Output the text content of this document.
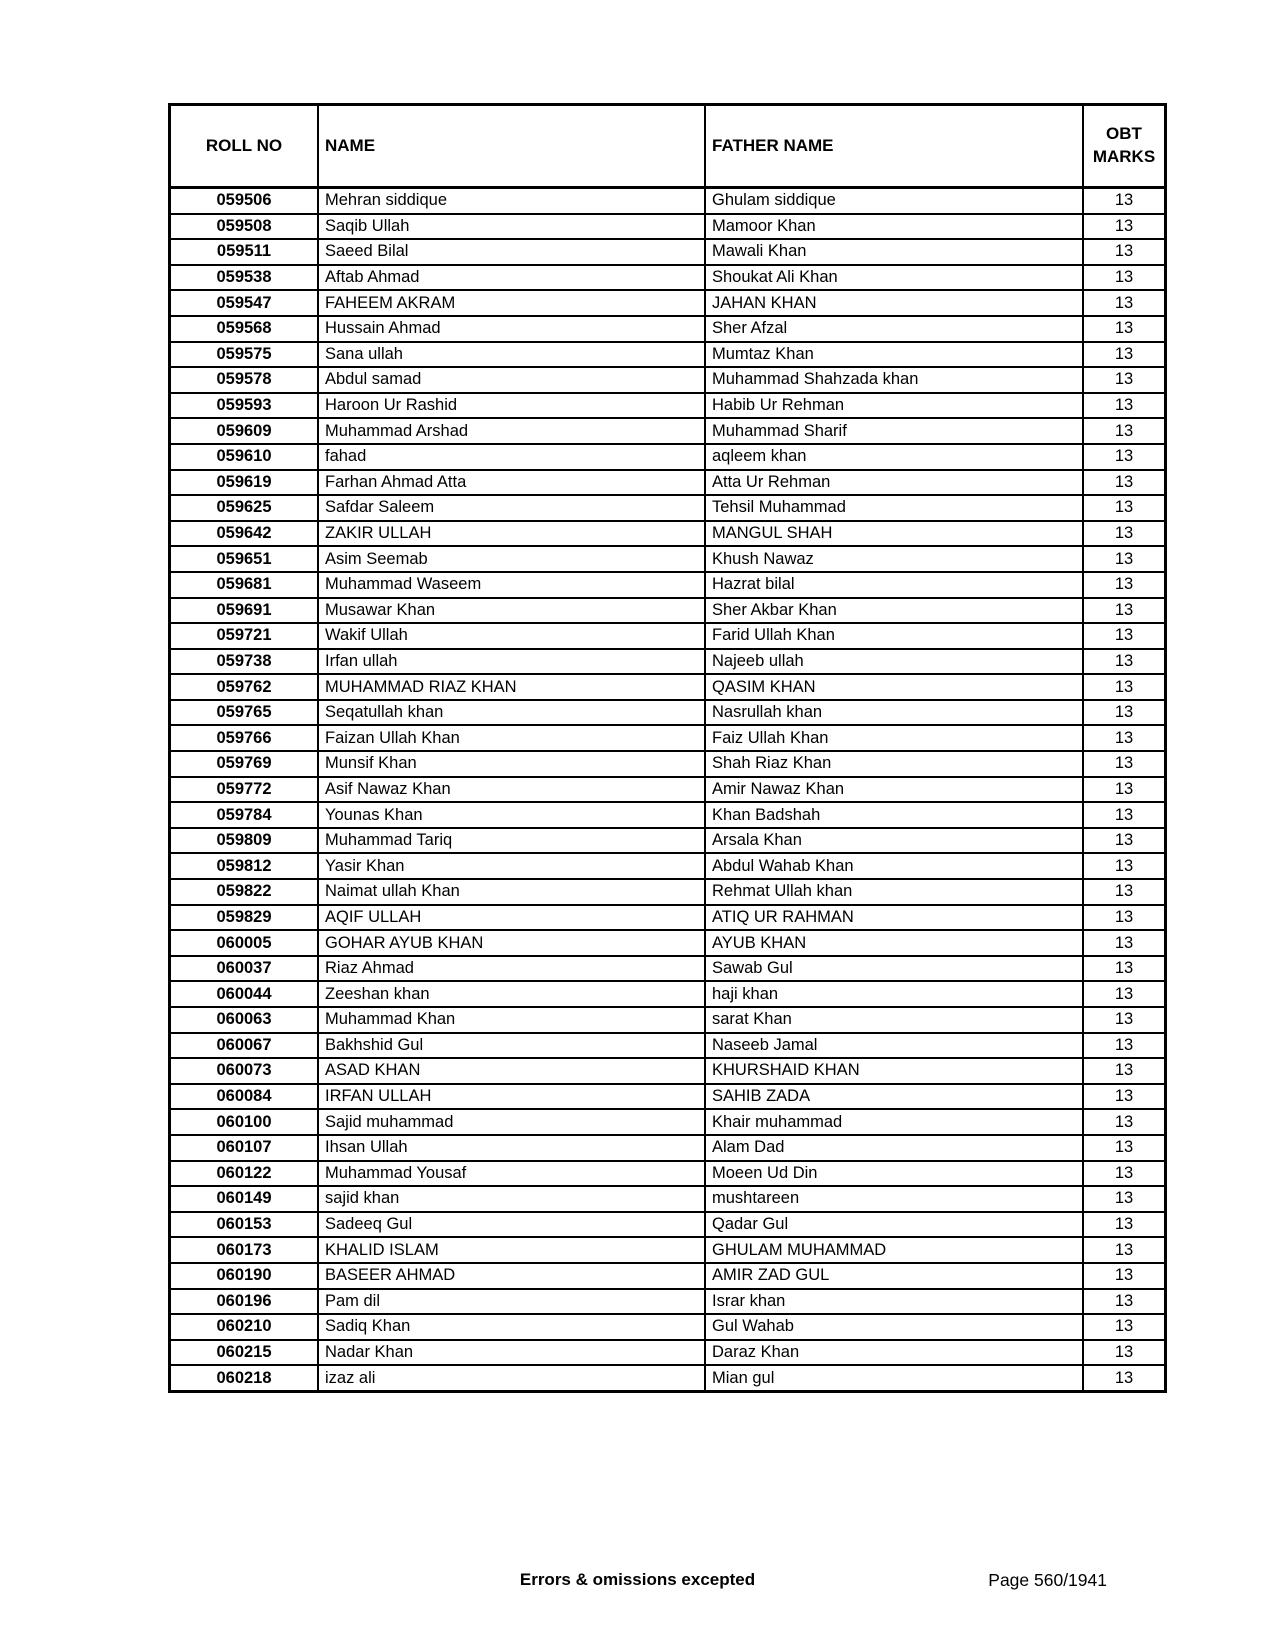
ROLL NO	NAME	FATHER NAME	OBT MARKS
059506	Mehran siddique	Ghulam siddique	13
059508	Saqib Ullah	Mamoor Khan	13
059511	Saeed Bilal	Mawali Khan	13
059538	Aftab Ahmad	Shoukat Ali Khan	13
059547	FAHEEM AKRAM	JAHAN KHAN	13
059568	Hussain Ahmad	Sher Afzal	13
059575	Sana ullah	Mumtaz Khan	13
059578	Abdul samad	Muhammad Shahzada khan	13
059593	Haroon Ur Rashid	Habib Ur Rehman	13
059609	Muhammad Arshad	Muhammad Sharif	13
059610	fahad	aqleem khan	13
059619	Farhan Ahmad Atta	Atta Ur Rehman	13
059625	Safdar Saleem	Tehsil Muhammad	13
059642	ZAKIR ULLAH	MANGUL SHAH	13
059651	Asim Seemab	Khush Nawaz	13
059681	Muhammad Waseem	Hazrat bilal	13
059691	Musawar Khan	Sher Akbar Khan	13
059721	Wakif Ullah	Farid Ullah Khan	13
059738	Irfan ullah	Najeeb ullah	13
059762	MUHAMMAD RIAZ KHAN	QASIM KHAN	13
059765	Seqatullah khan	Nasrullah khan	13
059766	Faizan Ullah Khan	Faiz Ullah Khan	13
059769	Munsif Khan	Shah Riaz Khan	13
059772	Asif Nawaz Khan	Amir Nawaz Khan	13
059784	Younas Khan	Khan Badshah	13
059809	Muhammad Tariq	Arsala Khan	13
059812	Yasir Khan	Abdul Wahab Khan	13
059822	Naimat ullah Khan	Rehmat Ullah khan	13
059829	AQIF ULLAH	ATIQ UR RAHMAN	13
060005	GOHAR AYUB KHAN	AYUB KHAN	13
060037	Riaz Ahmad	Sawab Gul	13
060044	Zeeshan khan	haji khan	13
060063	Muhammad Khan	sarat Khan	13
060067	Bakhshid Gul	Naseeb Jamal	13
060073	ASAD KHAN	KHURSHAID KHAN	13
060084	IRFAN ULLAH	SAHIB ZADA	13
060100	Sajid muhammad	Khair muhammad	13
060107	Ihsan Ullah	Alam Dad	13
060122	Muhammad Yousaf	Moeen Ud Din	13
060149	sajid khan	mushtareen	13
060153	Sadeeq Gul	Qadar Gul	13
060173	KHALID ISLAM	GHULAM MUHAMMAD	13
060190	BASEER AHMAD	AMIR ZAD GUL	13
060196	Pam dil	Israr khan	13
060210	Sadiq Khan	Gul Wahab	13
060215	Nadar Khan	Daraz Khan	13
060218	izaz ali	Mian gul	13
Errors & omissions excepted	Page 560/1941
